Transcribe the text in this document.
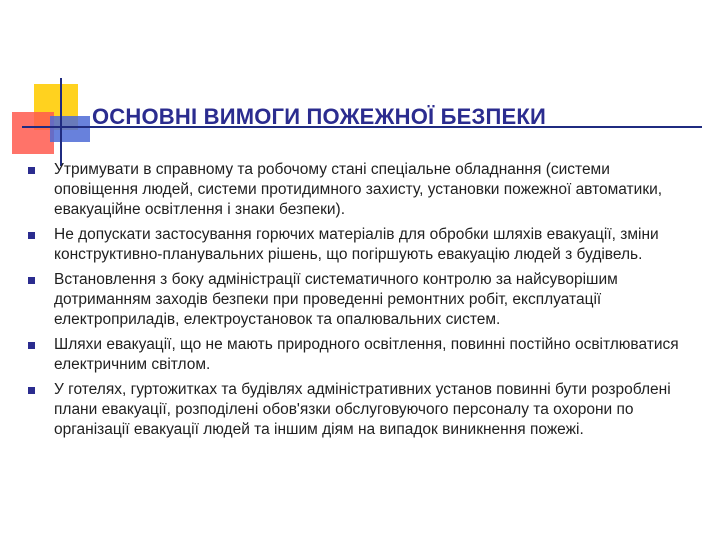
ОСНОВНІ ВИМОГИ ПОЖЕЖНОЇ БЕЗПЕКИ
Утримувати в справному та робочому стані спеціальне обладнання (системи оповіщення людей, системи протидимного захисту, установки пожежної автоматики, евакуаційне освітлення і знаки безпеки).
Не допускати застосування горючих матеріалів для обробки шляхів евакуації, зміни конструктивно-планувальних рішень, що погіршують евакуацію людей з будівель.
Встановлення з боку адміністрації систематичного контролю за найсуворішим дотриманням заходів безпеки при проведенні ремонтних робіт, експлуатації електроприладів, електроустановок та опалювальних систем.
Шляхи евакуації, що не мають природного освітлення, повинні постійно освітлюватися електричним світлом.
У готелях, гуртожитках та будівлях адміністративних установ повинні бути розроблені плани евакуації, розподілені обов'язки обслуговуючого персоналу та охорони по організації евакуації людей та іншим діям на випадок виникнення пожежі.
